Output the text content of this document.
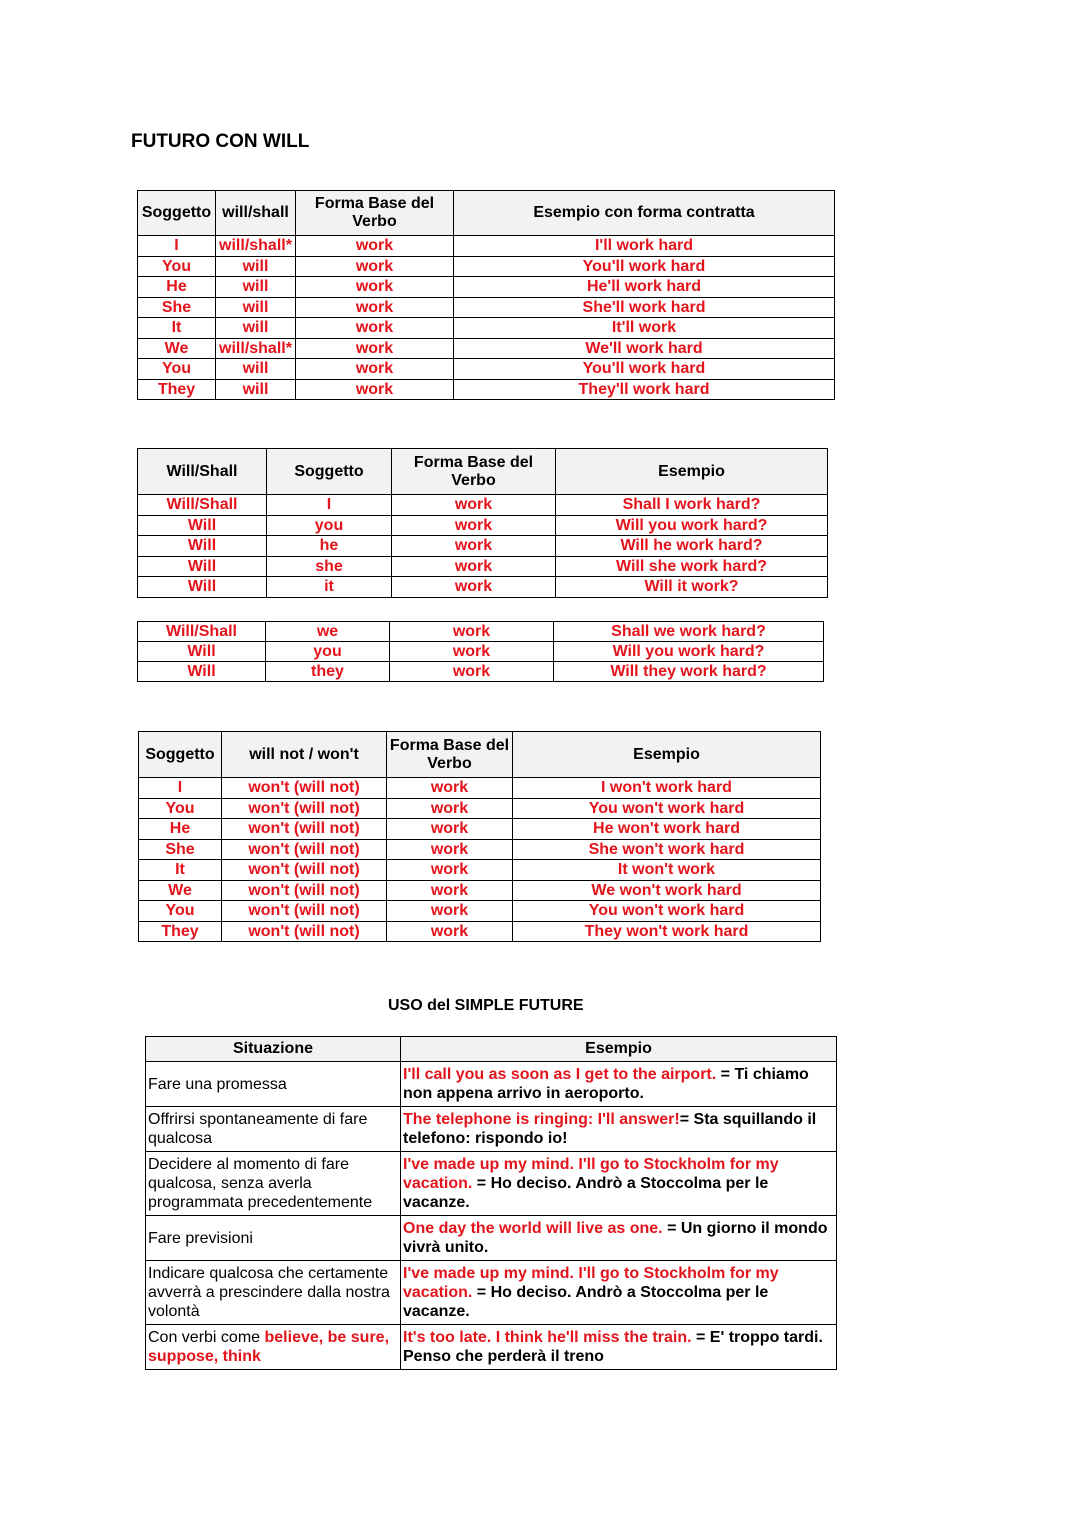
FUTURO CON WILL
Soggetto	will/shall	Forma Base del Verbo	Esempio con forma contratta
I	will/shall*	work	I'll work hard
You	will	work	You'll work hard
He	will	work	He'll work hard
She	will	work	She'll work hard
It	will	work	It'll work
We	will/shall*	work	We'll work hard
You	will	work	You'll work hard
They	will	work	They'll work hard
Will/Shall	Soggetto	Forma Base del Verbo	Esempio
Will/Shall	I	work	Shall I work hard?
Will	you	work	Will you work hard?
Will	he	work	Will he work hard?
Will	she	work	Will she work hard?
Will	it	work	Will it work?
Will/Shall	we	work	Shall we work hard?
Will	you	work	Will you work hard?
Will	they	work	Will they work hard?
Soggetto	will not / won't	Forma Base del Verbo	Esempio
I	won't (will not)	work	I won't work hard
You	won't (will not)	work	You won't work hard
He	won't (will not)	work	He won't work hard
She	won't (will not)	work	She won't work hard
It	won't (will not)	work	It won't work
We	won't (will not)	work	We won't work hard
You	won't (will not)	work	You won't work hard
They	won't (will not)	work	They won't work hard
USO del SIMPLE FUTURE
Situazione	Esempio
Fare una promessa	I'll call you as soon as I get to the airport. = Ti chiamo non appena arrivo in aeroporto.
Offrirsi spontaneamente di fare qualcosa	The telephone is ringing: I'll answer!= Sta squillando il telefono: rispondo io!
Decidere al momento di fare qualcosa, senza averla programmata precedentemente	I've made up my mind. I'll go to Stockholm for my vacation. = Ho deciso. Andrò a Stoccolma per le vacanze.
Fare previsioni	One day the world will live as one. = Un giorno il mondo vivrà unito.
Indicare qualcosa che certamente avverrà a prescindere dalla nostra volontà	I've made up my mind. I'll go to Stockholm for my vacation. = Ho deciso. Andrò a Stoccolma per le vacanze.
Con verbi come believe, be sure, suppose, think	It's too late. I think he'll miss the train. = E' troppo tardi. Penso che perderà il treno
